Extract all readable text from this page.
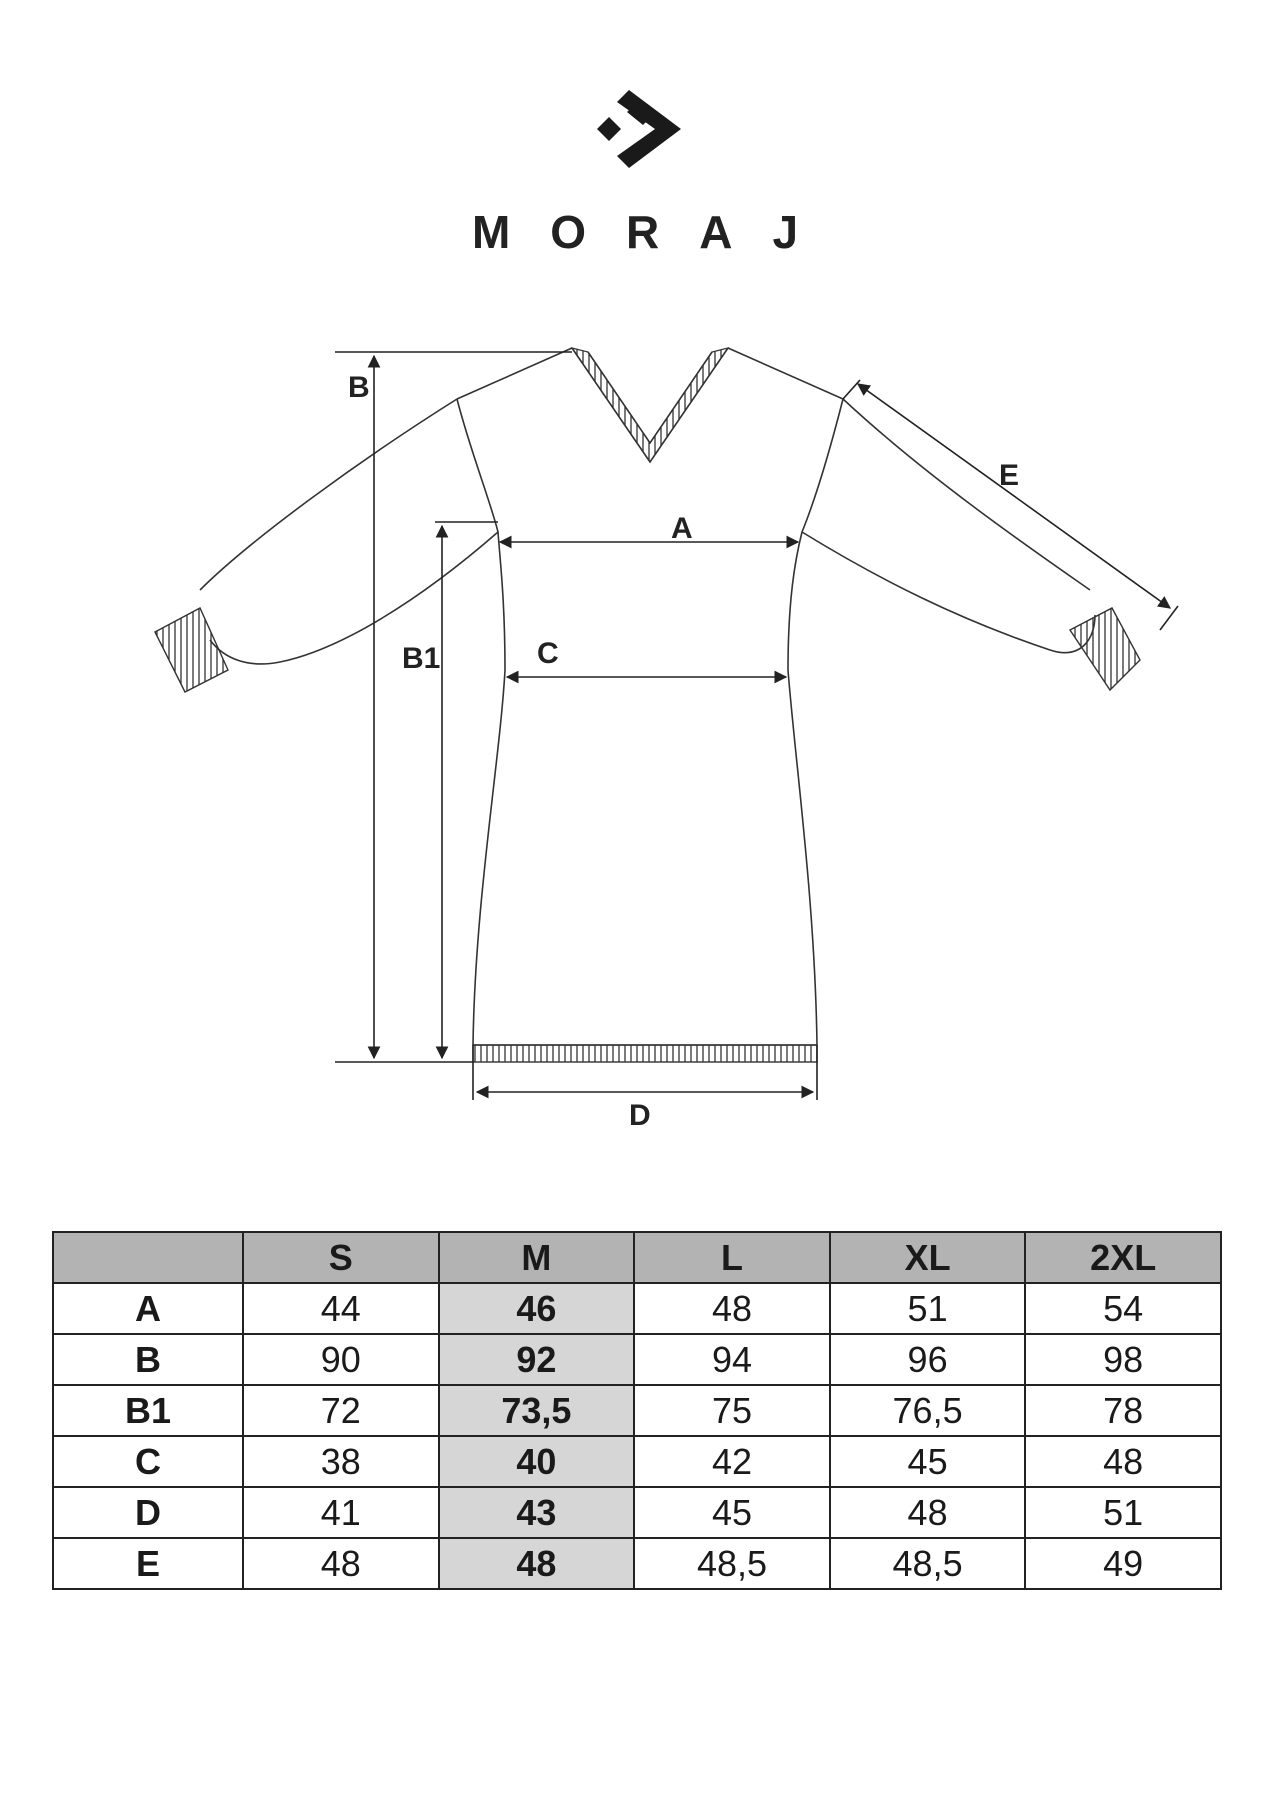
MORAJ
B
B1
A
C
D
E
	S	M	L	XL	2XL
A	44	46	48	51	54
B	90	92	94	96	98
B1	72	73,5	75	76,5	78
C	38	40	42	45	48
D	41	43	45	48	51
E	48	48	48,5	48,5	49
